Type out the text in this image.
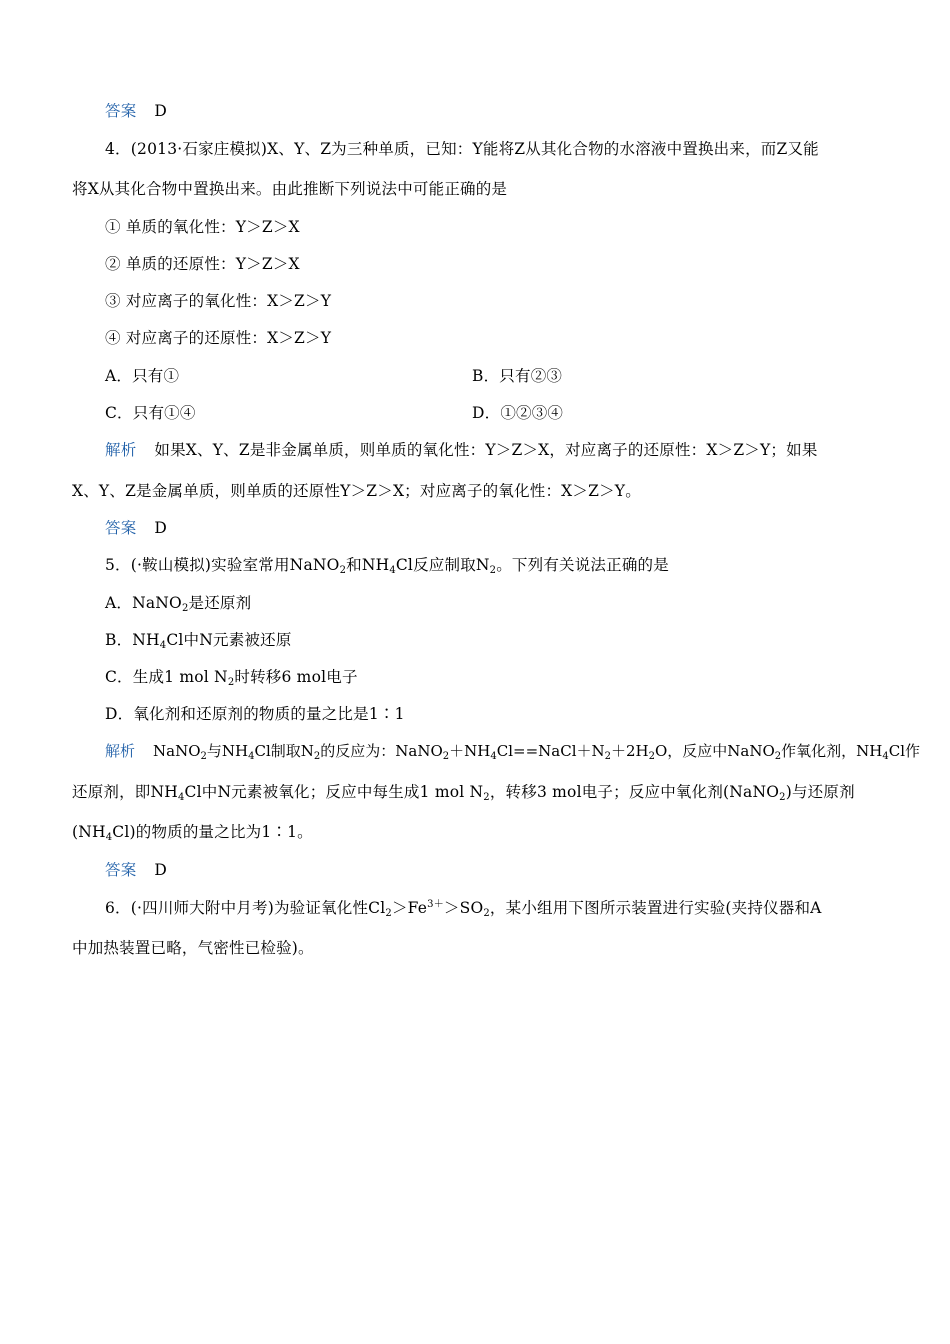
答案 D
4．(2013·石家庄模拟)X、Y、Z为三种单质，已知：Y能将Z从其化合物的水溶液中置换出来，而Z又能
将X从其化合物中置换出来。由此推断下列说法中可能正确的是
① 单质的氧化性：Y＞Z＞X
② 单质的还原性：Y＞Z＞X
③ 对应离子的氧化性：X＞Z＞Y
④ 对应离子的还原性：X＞Z＞Y
A．只有①	B．只有②③
C．只有①④	D．①②③④
解析 如果X、Y、Z是非金属单质，则单质的氧化性：Y＞Z＞X，对应离子的还原性：X＞Z＞Y；如果
X、Y、Z是金属单质，则单质的还原性Y＞Z＞X；对应离子的氧化性：X＞Z＞Y。
答案 D
5．(·鞍山模拟)实验室常用NaNO$_2$和$NH_4Cl$反应制取$N_2$。下列有关说法正确的是
A．NaNO$_2$是还原剂
B．$NH_4Cl$中N元素被还原
C．生成1 mol $N_2$时转移6 mol电子
D．氧化剂和还原剂的物质的量之比是1∶1
解析 NaNO$_2$与$NH_4Cl$制取$N_2$的反应为：$NaNO_2+NH_4Cl==NaCl+N_2+2H_2O$，反应中NaNO$_2$作氧化剂，$NH_4Cl$作
还原剂，即$NH_4Cl$中N元素被氧化；反应中每生成1 mol $N_2$，转移3 mol电子；反应中氧化剂(NaNO$_2$)与还原剂
$(NH_4Cl)$的物质的量之比为1∶1。
答案 D
6．(·四川师大附中月考)为验证氧化性$Cl_2>Fe^{3+}>SO_2$，某小组用下图所示装置进行实验(夹持仪器和A
中加热装置已略，气密性已检验)。
